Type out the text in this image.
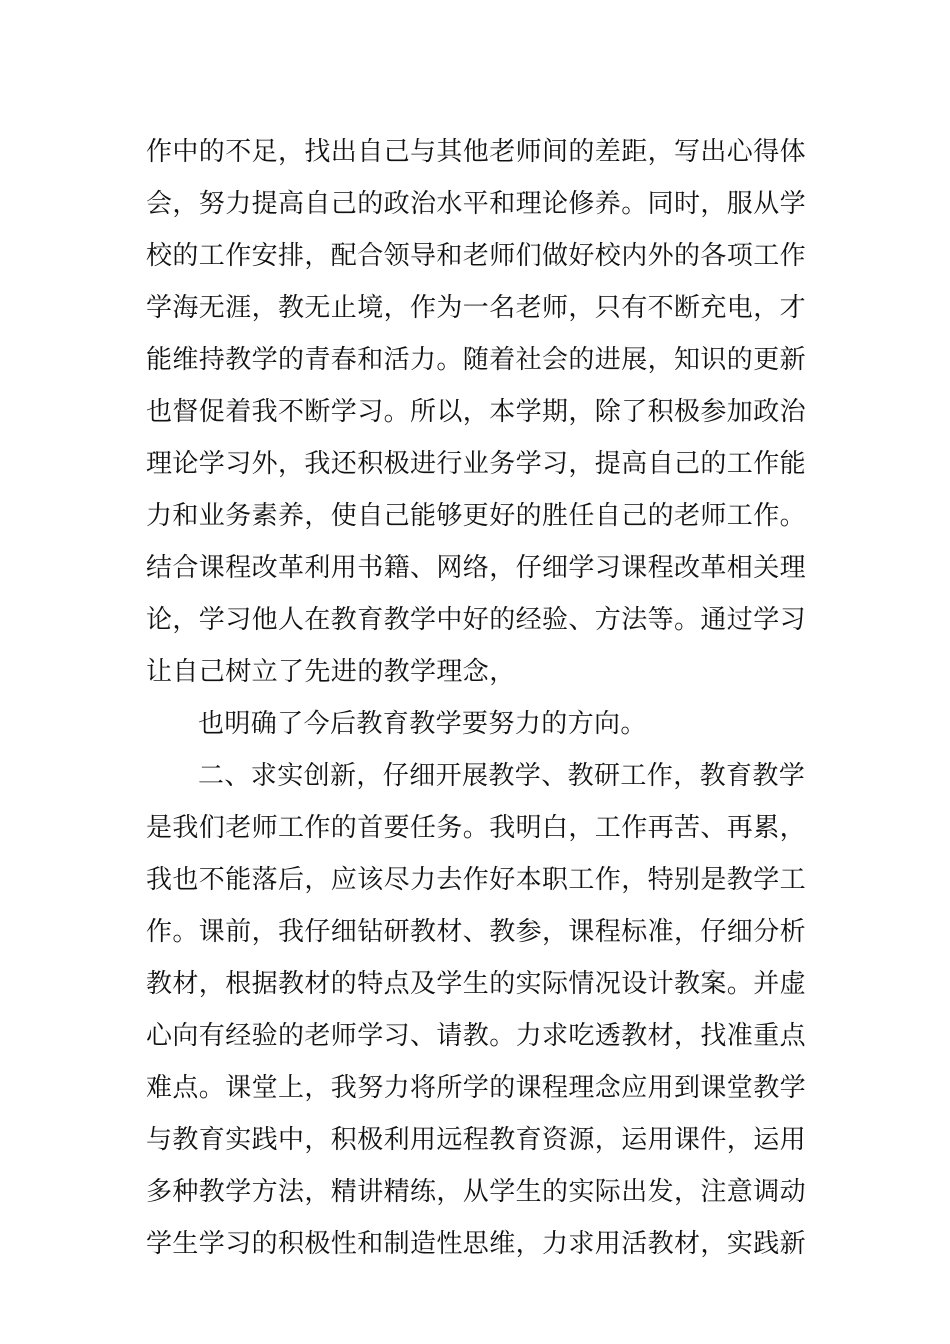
作中的不足，找出自己与其他老师间的差距，写出心得体
会，努力提高自己的政治水平和理论修养。同时，服从学
校的工作安排，配合领导和老师们做好校内外的各项工作
学海无涯，教无止境，作为一名老师，只有不断充电，才
能维持教学的青春和活力。随着社会的进展，知识的更新
也督促着我不断学习。所以，本学期，除了积极参加政治
理论学习外，我还积极进行业务学习，提高自己的工作能
力和业务素养，使自己能够更好的胜任自己的老师工作。
结合课程改革利用书籍、网络，仔细学习课程改革相关理
论，学习他人在教育教学中好的经验、方法等。通过学习
让自己树立了先进的教学理念，
也明确了今后教育教学要努力的方向。
二、求实创新，仔细开展教学、教研工作，教育教学
是我们老师工作的首要任务。我明白，工作再苦、再累，
我也不能落后，应该尽力去作好本职工作，特别是教学工
作。课前，我仔细钻研教材、教参，课程标准，仔细分析
教材，根据教材的特点及学生的实际情况设计教案。并虚
心向有经验的老师学习、请教。力求吃透教材，找准重点
难点。课堂上，我努力将所学的课程理念应用到课堂教学
与教育实践中，积极利用远程教育资源，运用课件，运用
多种教学方法，精讲精练，从学生的实际出发，注意调动
学生学习的积极性和制造性思维，力求用活教材，实践新
